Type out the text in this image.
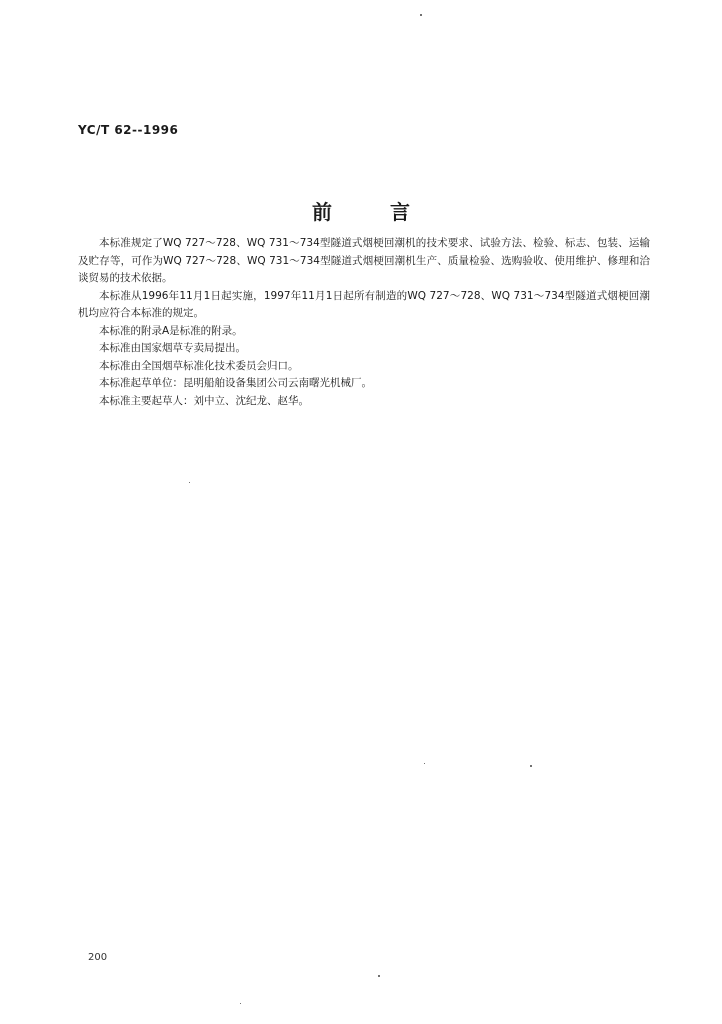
YC/T 62--1996
前言

本标准规定了WQ 727～728、WQ 731～734型隧道式烟梗回潮机的技术要求、试验方法、检验、标志、包装、运输及贮存等，可作为WQ 727～728、WQ 731～734型隧道式烟梗回潮机生产、质量检验、选购验收、使用维护、修理和洽谈贸易的技术依据。

本标准从1996年11月1日起实施，1997年11月1日起所有制造的WQ 727～728、WQ 731～734型隧道式烟梗回潮机均应符合本标准的规定。

本标准的附录A是标准的附录。

本标准由国家烟草专卖局提出。

本标准由全国烟草标准化技术委员会归口。

本标准起草单位：昆明船舶设备集团公司云南曙光机械厂。

本标准主要起草人：刘中立、沈纪龙、赵华。

200
